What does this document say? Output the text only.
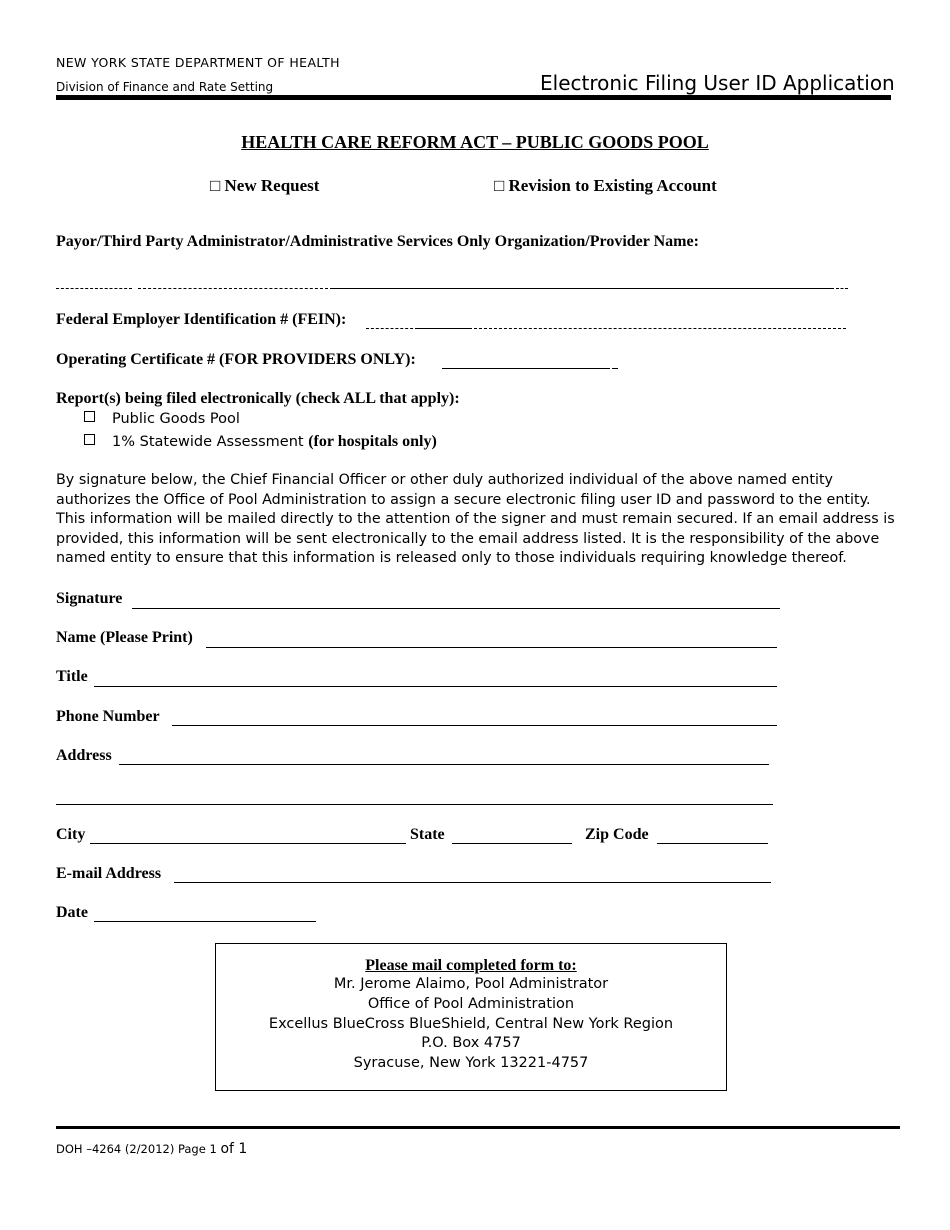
NEW YORK STATE DEPARTMENT OF HEALTH
Division of Finance and Rate Setting	Electronic Filing User ID Application
HEALTH CARE REFORM ACT – PUBLIC GOODS POOL
□ New Request	□ Revision to Existing Account
Payor/Third Party Administrator/Administrative Services Only Organization/Provider Name:
Federal Employer Identification # (FEIN):
Operating Certificate # (FOR PROVIDERS ONLY):
Report(s) being filed electronically (check ALL that apply):
Public Goods Pool
1% Statewide Assessment (for hospitals only)
By signature below, the Chief Financial Officer or other duly authorized individual of the above named entity authorizes the Office of Pool Administration to assign a secure electronic filing user ID and password to the entity. This information will be mailed directly to the attention of the signer and must remain secured. If an email address is provided, this information will be sent electronically to the email address listed. It is the responsibility of the above named entity to ensure that this information is released only to those individuals requiring knowledge thereof.
Signature
Name (Please Print)
Title
Phone Number
Address
City	State	Zip Code
E-mail Address
Date
Please mail completed form to:
Mr. Jerome Alaimo, Pool Administrator
Office of Pool Administration
Excellus BlueCross BlueShield, Central New York Region
P.O. Box 4757
Syracuse, New York 13221-4757
DOH –4264 (2/2012) Page 1 of 1
